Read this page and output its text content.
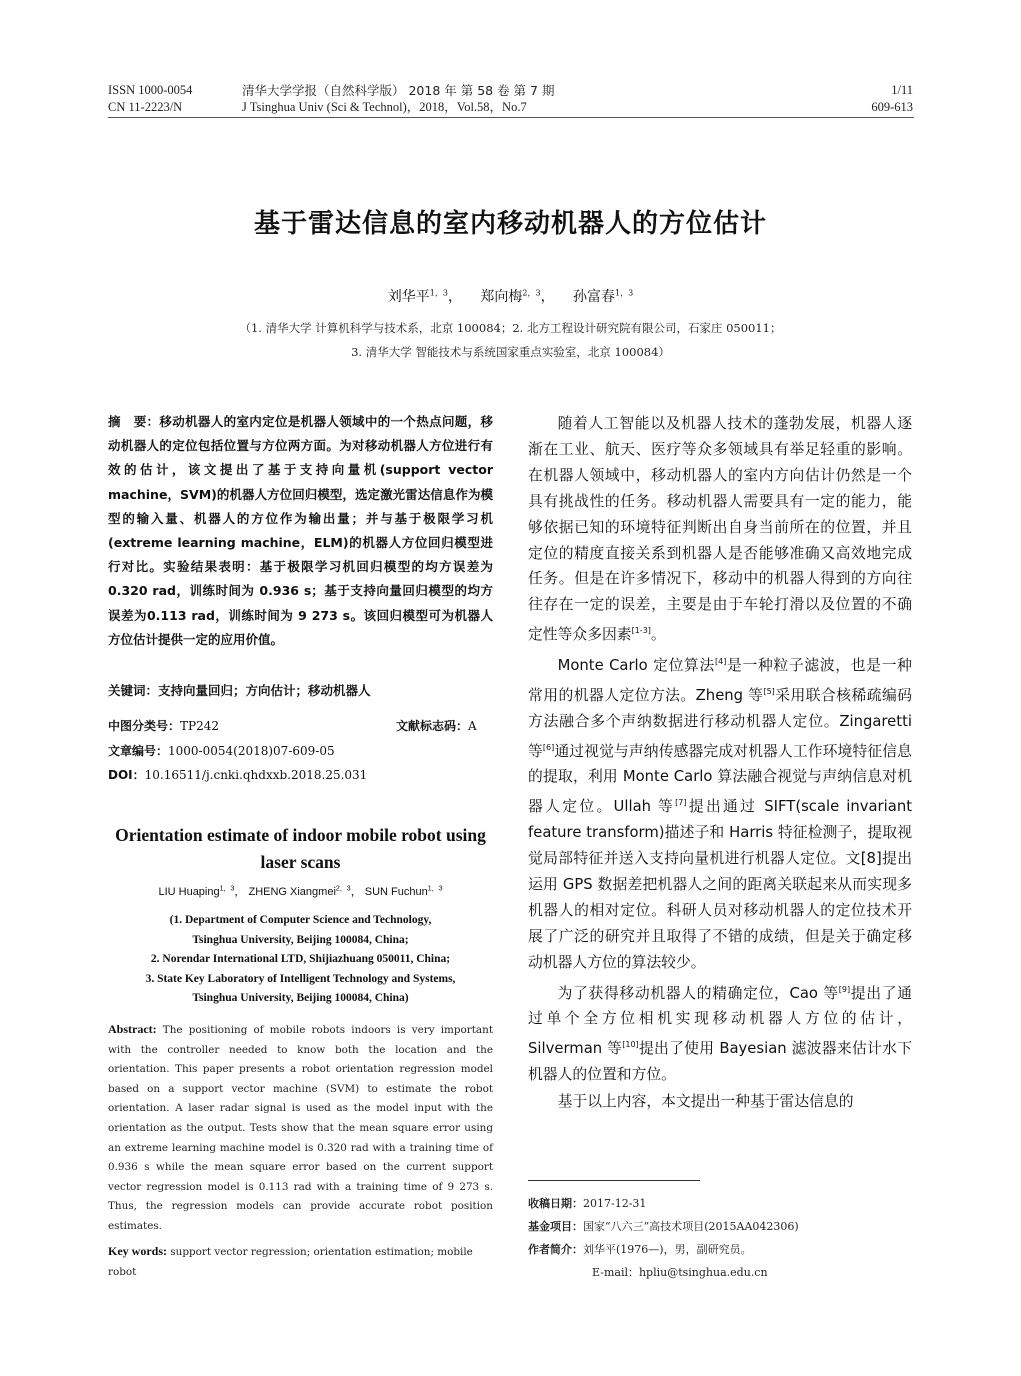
ISSN 1000-0054
CN 11-2223/N
清华大学学报（自然科学版） 2018 年 第 58 卷 第 7 期
J Tsinghua Univ (Sci & Technol)，2018，Vol.58，No.7
1/11
609-613
基于雷达信息的室内移动机器人的方位估计
刘华平$^{1,3}$，  郑向梅$^{2,3}$，  孙富春$^{1,3}$
（1. 清华大学 计算机科学与技术系，北京 100084；2. 北方工程设计研究院有限公司，石家庄 050011；
3. 清华大学 智能技术与系统国家重点实验室，北京 100084）
摘　要：移动机器人的室内定位是机器人领域中的一个热点问题，移动机器人的定位包括位置与方位两方面。为对移动机器人方位进行有效的估计，该文提出了基于支持向量机(support vector machine，SVM)的机器人方位回归模型，选定激光雷达信息作为模型的输入量、机器人的方位作为输出量；并与基于极限学习机(extreme learning machine，ELM)的机器人方位回归模型进行对比。实验结果表明：基于极限学习机回归模型的均方误差为 0.320 rad，训练时间为 0.936 s；基于支持向量回归模型的均方误差为0.113 rad，训练时间为 9 273 s。该回归模型可为机器人方位估计提供一定的应用价值。
关键词：支持向量回归；方向估计；移动机器人
中图分类号：TP242	文献标志码：A
文章编号：1000-0054(2018)07-609-05
DOI：10.16511/j.cnki.qhdxxb.2018.25.031
Orientation estimate of indoor mobile robot using laser scans
LIU Huaping$^{1,3}$， ZHENG Xiangmei$^{2,3}$， SUN Fuchun$^{1,3}$
(1. Department of Computer Science and Technology,
Tsinghua University, Beijing 100084, China;
2. Norendar International LTD, Shijiazhuang 050011, China;
3. State Key Laboratory of Intelligent Technology and Systems,
Tsinghua University, Beijing 100084, China)
Abstract: The positioning of mobile robots indoors is very important with the controller needed to know both the location and the orientation. This paper presents a robot orientation regression model based on a support vector machine (SVM) to estimate the robot orientation. A laser radar signal is used as the model input with the orientation as the output. Tests show that the mean square error using an extreme learning machine model is 0.320 rad with a training time of 0.936 s while the mean square error based on the current support vector regression model is 0.113 rad with a training time of 9 273 s. Thus, the regression models can provide accurate robot position estimates.
Key words: support vector regression; orientation estimation; mobile robot

随着人工智能以及机器人技术的蓬勃发展，机器人逐渐在工业、航天、医疗等众多领域具有举足轻重的影响。在机器人领域中，移动机器人的室内方向估计仍然是一个具有挑战性的任务。移动机器人需要具有一定的能力，能够依据已知的环境特征判断出自身当前所在的位置，并且定位的精度直接关系到机器人是否能够准确又高效地完成任务。但是在许多情况下，移动中的机器人得到的方向往往存在一定的误差，主要是由于车轮打滑以及位置的不确定性等众多因素[1-3]。

Monte Carlo 定位算法[4]是一种粒子滤波，也是一种常用的机器人定位方法。Zheng 等[5]采用联合核稀疏编码方法融合多个声纳数据进行移动机器人定位。Zingaretti 等[6]通过视觉与声纳传感器完成对机器人工作环境特征信息的提取，利用 Monte Carlo 算法融合视觉与声纳信息对机器人定位。Ullah 等[7]提出通过 SIFT(scale invariant feature transform)描述子和 Harris 特征检测子，提取视觉局部特征并送入支持向量机进行机器人定位。文[8]提出运用 GPS 数据差把机器人之间的距离关联起来从而实现多机器人的相对定位。科研人员对移动机器人的定位技术开展了广泛的研究并且取得了不错的成绩，但是关于确定移动机器人方位的算法较少。

为了获得移动机器人的精确定位，Cao 等[9]提出了通过单个全方位相机实现移动机器人方位的估计，Silverman 等[10]提出了使用 Bayesian 滤波器来估计水下机器人的位置和方位。

基于以上内容，本文提出一种基于雷达信息的

收稿日期：2017-12-31
基金项目：国家“八六三”高技术项目(2015AA042306)
作者简介：刘华平(1976—)，男，副研究员。
E-mail：hpliu@tsinghua.edu.cn
